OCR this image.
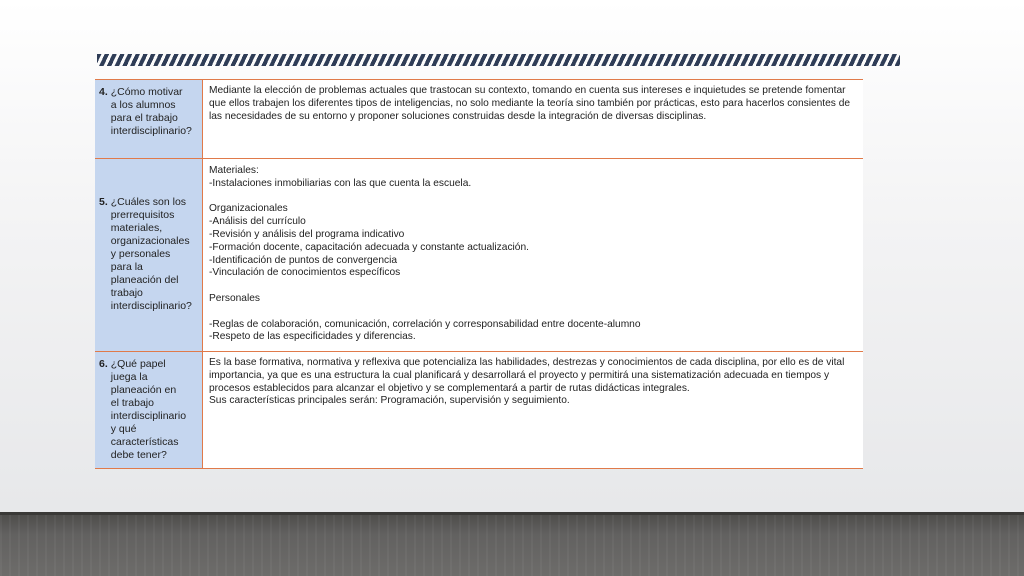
4. ¿Cómo motivar
a los alumnos
para el trabajo
interdisciplinario?

Mediante la elección de problemas actuales que trastocan su contexto, tomando en cuenta sus intereses e inquietudes se pretende fomentar que ellos trabajen los diferentes tipos de inteligencias, no solo mediante la teoría sino también por prácticas, esto para hacerlos consientes de las necesidades de su entorno y proponer soluciones construidas desde la integración de diversas disciplinas.

5. ¿Cuáles son los
prerrequisitos
materiales,
organizacionales
y personales
para la
planeación del
trabajo
interdisciplinario?
Materiales:
-Instalaciones inmobiliarias con las que cuenta la escuela.
Organizacionales
-Análisis del currículo
-Revisión y análisis del programa indicativo
-Formación docente, capacitación adecuada y constante actualización.
-Identificación de puntos de convergencia
-Vinculación de conocimientos específicos
Personales
-Reglas de colaboración, comunicación, correlación y corresponsabilidad entre docente-alumno
-Respeto de las especificidades y diferencias.
6. ¿Qué papel
juega la
planeación en
el trabajo
interdisciplinario
y qué
características
debe tener?

Es la base formativa, normativa y reflexiva que potencializa las habilidades, destrezas y conocimientos de cada disciplina, por ello es de vital importancia, ya que es una estructura la cual planificará y desarrollará el proyecto y permitirá una sistematización adecuada en tiempos y procesos establecidos para alcanzar el objetivo y se complementará a partir de rutas didácticas integrales.

Sus características principales serán: Programación, supervisión y seguimiento.
